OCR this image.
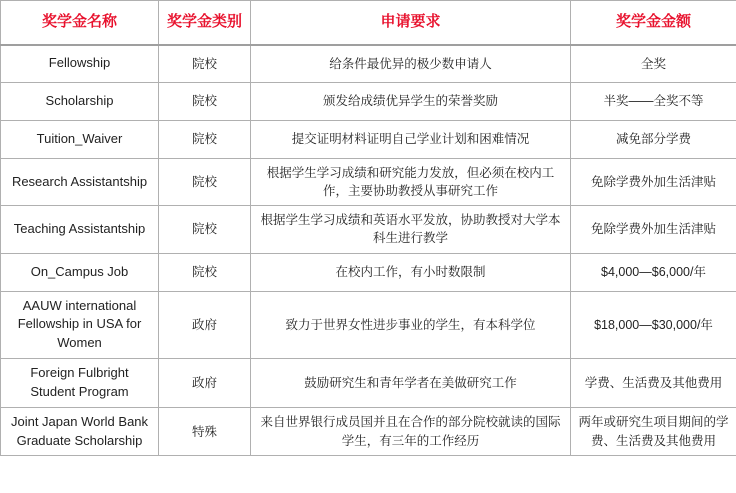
奖学金名称	奖学金类别	申请要求	奖学金金额
Fellowship	院校	给条件最优异的极少数申请人	全奖
Scholarship	院校	颁发给成绩优异学生的荣誉奖励	半奖——全奖不等
Tuition_Waiver	院校	提交证明材料证明自己学业计划和困难情况	减免部分学费
Research Assistantship	院校	根据学生学习成绩和研究能力发放，但必须在校内工作，主要协助教授从事研究工作	免除学费外加生活津贴
Teaching Assistantship	院校	根据学生学习成绩和英语水平发放，协助教授对大学本科生进行教学	免除学费外加生活津贴
On_Campus Job	院校	在校内工作，有小时数限制	$4,000—$6,000/年
AAUW international Fellowship in USA for Women	政府	致力于世界女性进步事业的学生，有本科学位	$18,000—$30,000/年
Foreign Fulbright Student Program	政府	鼓励研究生和青年学者在美做研究工作	学费、生活费及其他费用
Joint Japan World Bank Graduate Scholarship	特殊	来自世界银行成员国并且在合作的部分院校就读的国际学生，有三年的工作经历	两年或研究生项目期间的学费、生活费及其他费用
